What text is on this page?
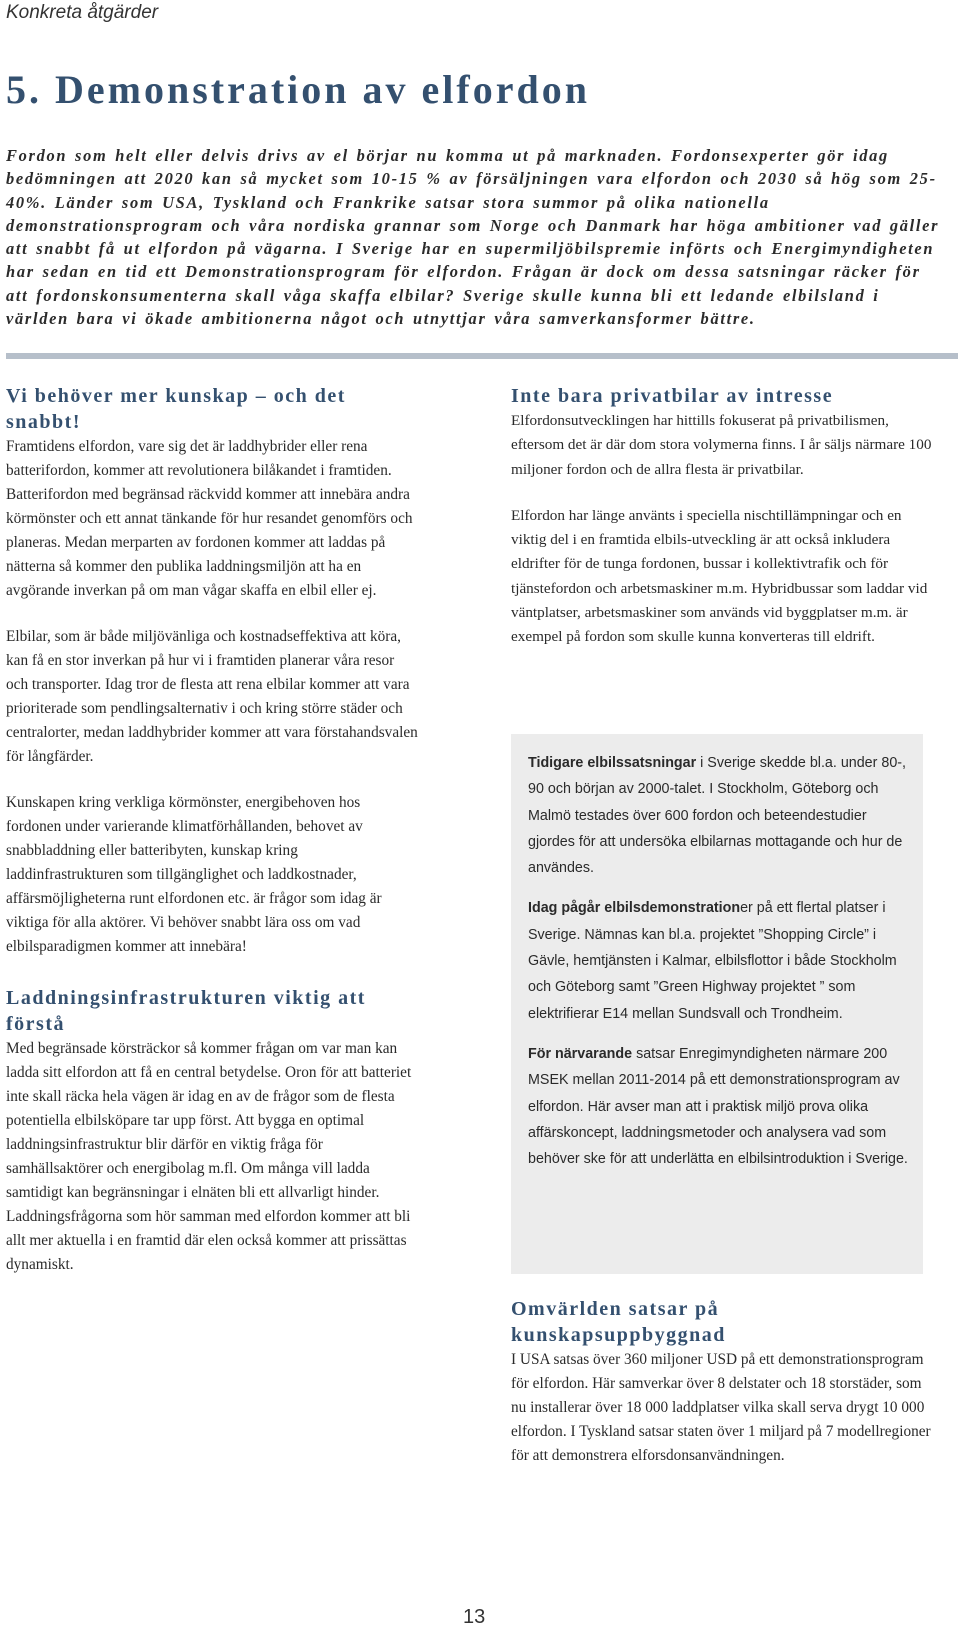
Konkreta åtgärder
5. Demonstration av elfordon

Fordon som helt eller delvis drivs av el börjar nu komma ut på marknaden. Fordonsexperter gör idag bedömningen att 2020 kan så mycket som 10-15 % av försäljningen vara elfordon och 2030 så hög som 25-40%. Länder som USA, Tyskland och Frankrike satsar stora summor på olika nationella demonstrationsprogram och våra nordiska grannar som Norge och Danmark har höga ambitioner vad gäller att snabbt få ut elfordon på vägarna. I Sverige har en supermiljöbilspremie införts och Energimyndigheten har sedan en tid ett Demonstrationsprogram för elfordon. Frågan är dock om dessa satsningar räcker för att fordonskonsumenterna skall våga skaffa elbilar? Sverige skulle kunna bli ett ledande elbilsland i världen bara vi ökade ambitionerna något och utnyttjar våra samverkansformer bättre.

Vi behöver mer kunskap – och det snabbt!

Framtidens elfordon, vare sig det är laddhybrider eller rena batterifordon, kommer att revolutionera bilåkandet i framtiden. Batterifordon med begränsad räckvidd kommer att innebära andra körmönster och ett annat tänkande för hur resandet genomförs och planeras. Medan merparten av fordonen kommer att laddas på nätterna så kommer den publika laddningsmiljön att ha en avgörande inverkan på om man vågar skaffa en elbil eller ej.

Elbilar, som är både miljövänliga och kostnadseffektiva att köra, kan få en stor inverkan på hur vi i framtiden planerar våra resor och transporter. Idag tror de flesta att rena elbilar kommer att vara prioriterade som pendlingsalternativ i och kring större städer och centralorter, medan laddhybrider kommer att vara förstahandsvalen för långfärder.

Kunskapen kring verkliga körmönster, energibehoven hos fordonen under varierande klimatförhållanden, behovet av snabbladdning eller batteribyten, kunskap kring laddinfrastrukturen som tillgänglighet och laddkostnader, affärsmöjligheterna runt elfordonen etc. är frågor som idag är viktiga för alla aktörer. Vi behöver snabbt lära oss om vad elbilsparadigmen kommer att innebära!

Laddningsinfrastrukturen viktig att förstå

Med begränsade körsträckor så kommer frågan om var man kan ladda sitt elfordon att få en central betydelse. Oron för att batteriet inte skall räcka hela vägen är idag en av de frågor som de flesta potentiella elbilsköpare tar upp först. Att bygga en optimal laddningsinfrastruktur blir därför en viktig fråga för samhällsaktörer och energibolag m.fl. Om många vill ladda samtidigt kan begränsningar i elnäten bli ett allvarligt hinder. Laddningsfrågorna som hör samman med elfordon kommer att bli allt mer aktuella i en framtid där elen också kommer att prissättas dynamiskt.

Inte bara privatbilar av intresse

Elfordonsutvecklingen har hittills fokuserat på privatbilismen, eftersom det är där dom stora volymerna finns. I år säljs närmare 100 miljoner fordon och de allra flesta är privatbilar.

Elfordon har länge använts i speciella nischtillämpningar och en viktig del i en framtida elbils-utveckling är att också inkludera eldrifter för de tunga fordonen, bussar i kollektivtrafik och för tjänstefordon och arbetsmaskiner m.m. Hybridbussar som laddar vid väntplatser, arbetsmaskiner som används vid byggplatser m.m. är exempel på fordon som skulle kunna konverteras till eldrift.

Tidigare elbilssatsningar i Sverige skedde bl.a. under 80-, 90 och början av 2000-talet. I Stockholm, Göteborg och Malmö testades över 600 fordon och beteendestudier gjordes för att undersöka elbilarnas mottagande och hur de användes.

Idag pågår elbilsdemonstrationer på ett flertal platser i Sverige. Nämnas kan bl.a. projektet ”Shopping Circle” i Gävle, hemtjänsten i Kalmar, elbilsflottor i både Stockholm och Göteborg samt ”Green Highway projektet ” som elektrifierar E14 mellan Sundsvall och Trondheim.

För närvarande satsar Enregimyndigheten närmare 200 MSEK mellan 2011-2014 på ett demonstrationsprogram av elfordon. Här avser man att i praktisk miljö prova olika affärskoncept, laddningsmetoder och analysera vad som behöver ske för att underlätta en elbilsintroduktion i Sverige.

Omvärlden satsar på kunskapsuppbyggnad

I USA satsas över 360 miljoner USD på ett demonstrationsprogram för elfordon. Här samverkar över 8 delstater och 18 storstäder, som nu installerar över 18 000 laddplatser vilka skall serva drygt 10 000 elfordon. I Tyskland satsar staten över 1 miljard på 7 modellregioner för att demonstrera elforsdonsanvändningen.

13
